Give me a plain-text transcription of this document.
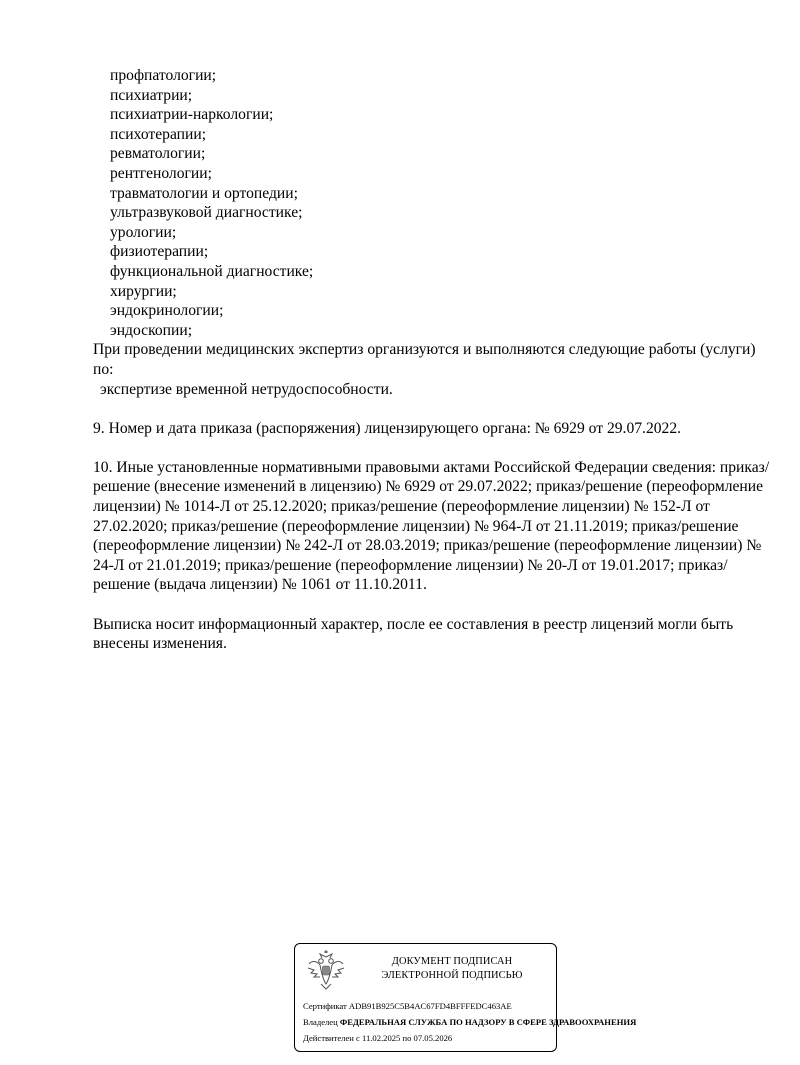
профпатологии;
психиатрии;
психиатрии-наркологии;
психотерапии;
ревматологии;
рентгенологии;
травматологии и ортопедии;
ультразвуковой диагностике;
урологии;
физиотерапии;
функциональной диагностике;
хирургии;
эндокринологии;
эндоскопии;

При проведении медицинских экспертиз организуются и выполняются следующие работы (услуги) по:

экспертизе временной нетрудоспособности.

9. Номер и дата приказа (распоряжения) лицензирующего органа: № 6929 от 29.07.2022.

10. Иные установленные нормативными правовыми актами Российской Федерации сведения: приказ/решение (внесение изменений в лицензию) № 6929 от 29.07.2022; приказ/решение (переоформление лицензии) № 1014-Л от 25.12.2020; приказ/решение (переоформление лицензии) № 152-Л от 27.02.2020; приказ/решение (переоформление лицензии) № 964-Л от 21.11.2019; приказ/решение (переоформление лицензии) № 242-Л от 28.03.2019; приказ/решение (переоформление лицензии) № 24-Л от 21.01.2019; приказ/решение (переоформление лицензии) № 20-Л от 19.01.2017; приказ/решение (выдача лицензии) № 1061 от 11.10.2011.

Выписка носит информационный характер, после ее составления в реестр лицензий могли быть внесены изменения.

ДОКУМЕНТ ПОДПИСАН
ЭЛЕКТРОННОЙ ПОДПИСЬЮ
Сертификат ADB91B925C5B4AC67FD4BFFFEDC463AE
Владелец ФЕДЕРАЛЬНАЯ СЛУЖБА ПО НАДЗОРУ В СФЕРЕ ЗДРАВООХРАНЕНИЯ
Действителен с 11.02.2025 по 07.05.2026
